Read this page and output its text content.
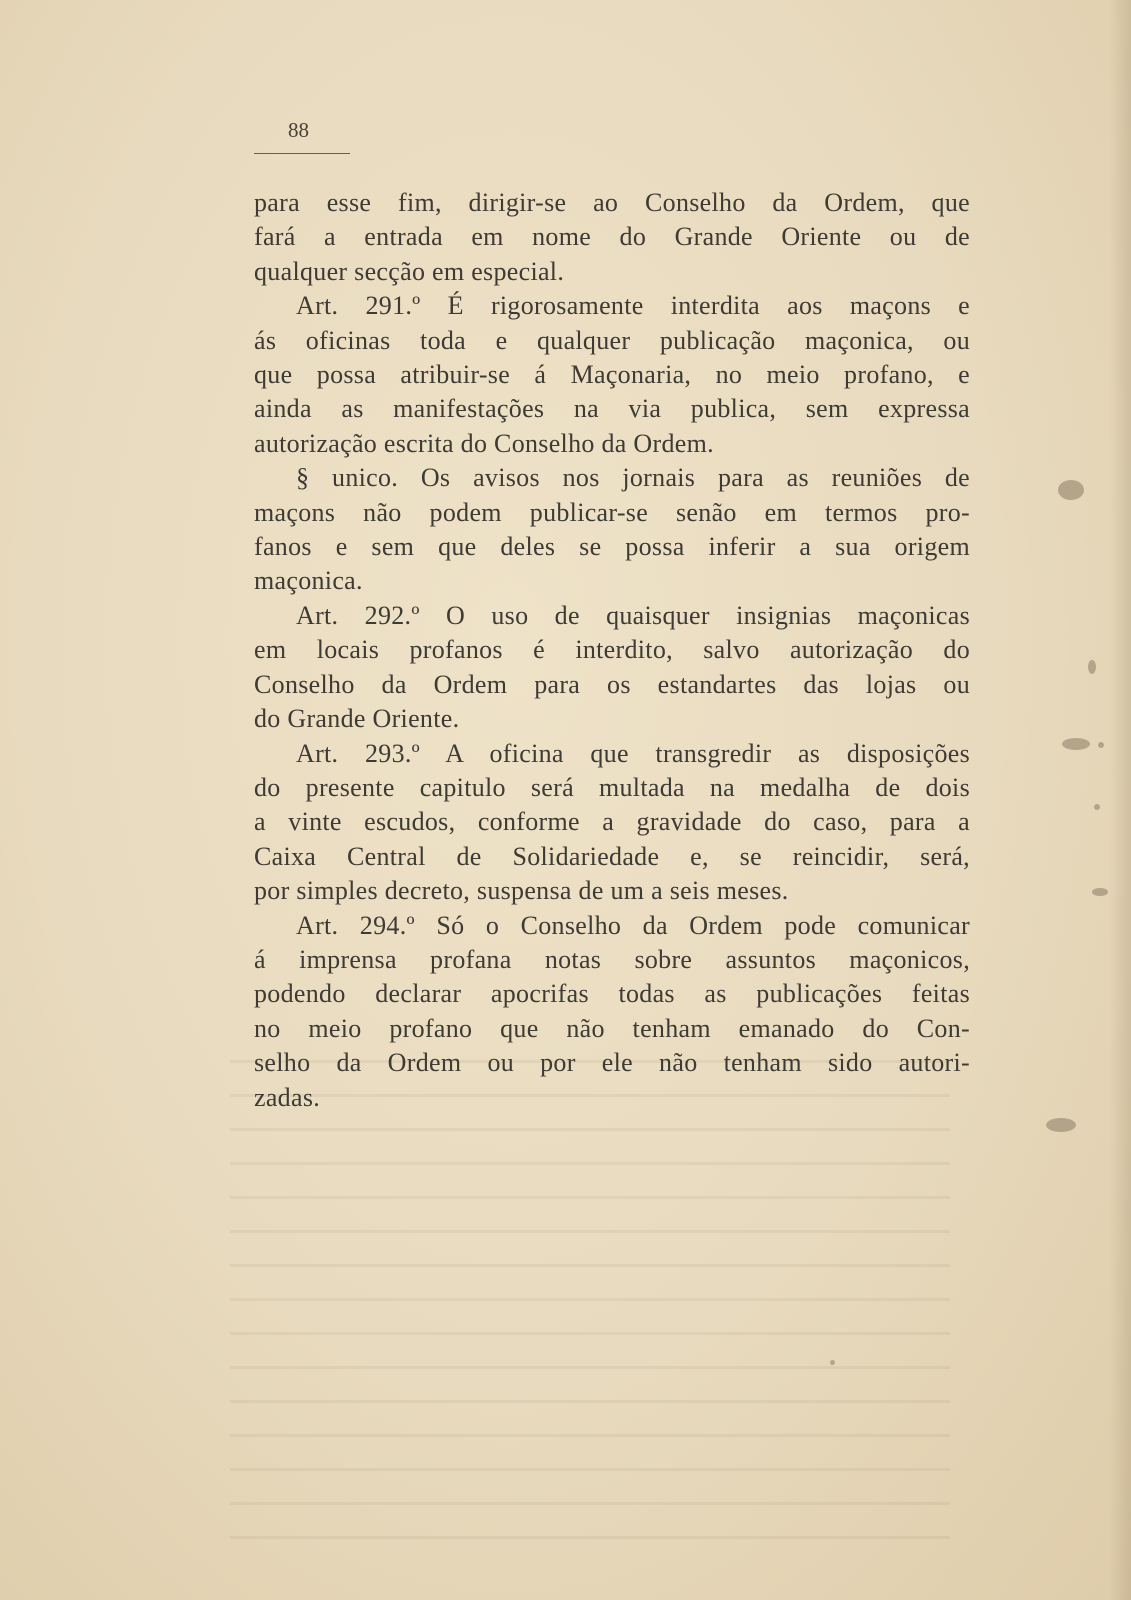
88
para esse fim, dirigir-se ao Conselho da Ordem, que
fará a entrada em nome do Grande Oriente ou de
qualquer secção em especial.
Art. 291.º É rigorosamente interdita aos maçons e
ás oficinas toda e qualquer publicação maçonica, ou
que possa atribuir-se á Maçonaria, no meio profano, e
ainda as manifestações na via publica, sem expressa
autorização escrita do Conselho da Ordem.
§ unico. Os avisos nos jornais para as reuniões de
maçons não podem publicar-se senão em termos pro-
fanos e sem que deles se possa inferir a sua origem
maçonica.
Art. 292.º O uso de quaisquer insignias maçonicas
em locais profanos é interdito, salvo autorização do
Conselho da Ordem para os estandartes das lojas ou
do Grande Oriente.
Art. 293.º A oficina que transgredir as disposições
do presente capitulo será multada na medalha de dois
a vinte escudos, conforme a gravidade do caso, para a
Caixa Central de Solidariedade e, se reincidir, será,
por simples decreto, suspensa de um a seis meses.
Art. 294.º Só o Conselho da Ordem pode comunicar
á imprensa profana notas sobre assuntos maçonicos,
podendo declarar apocrifas todas as publicações feitas
no meio profano que não tenham emanado do Con-
selho da Ordem ou por ele não tenham sido autori-
zadas.
